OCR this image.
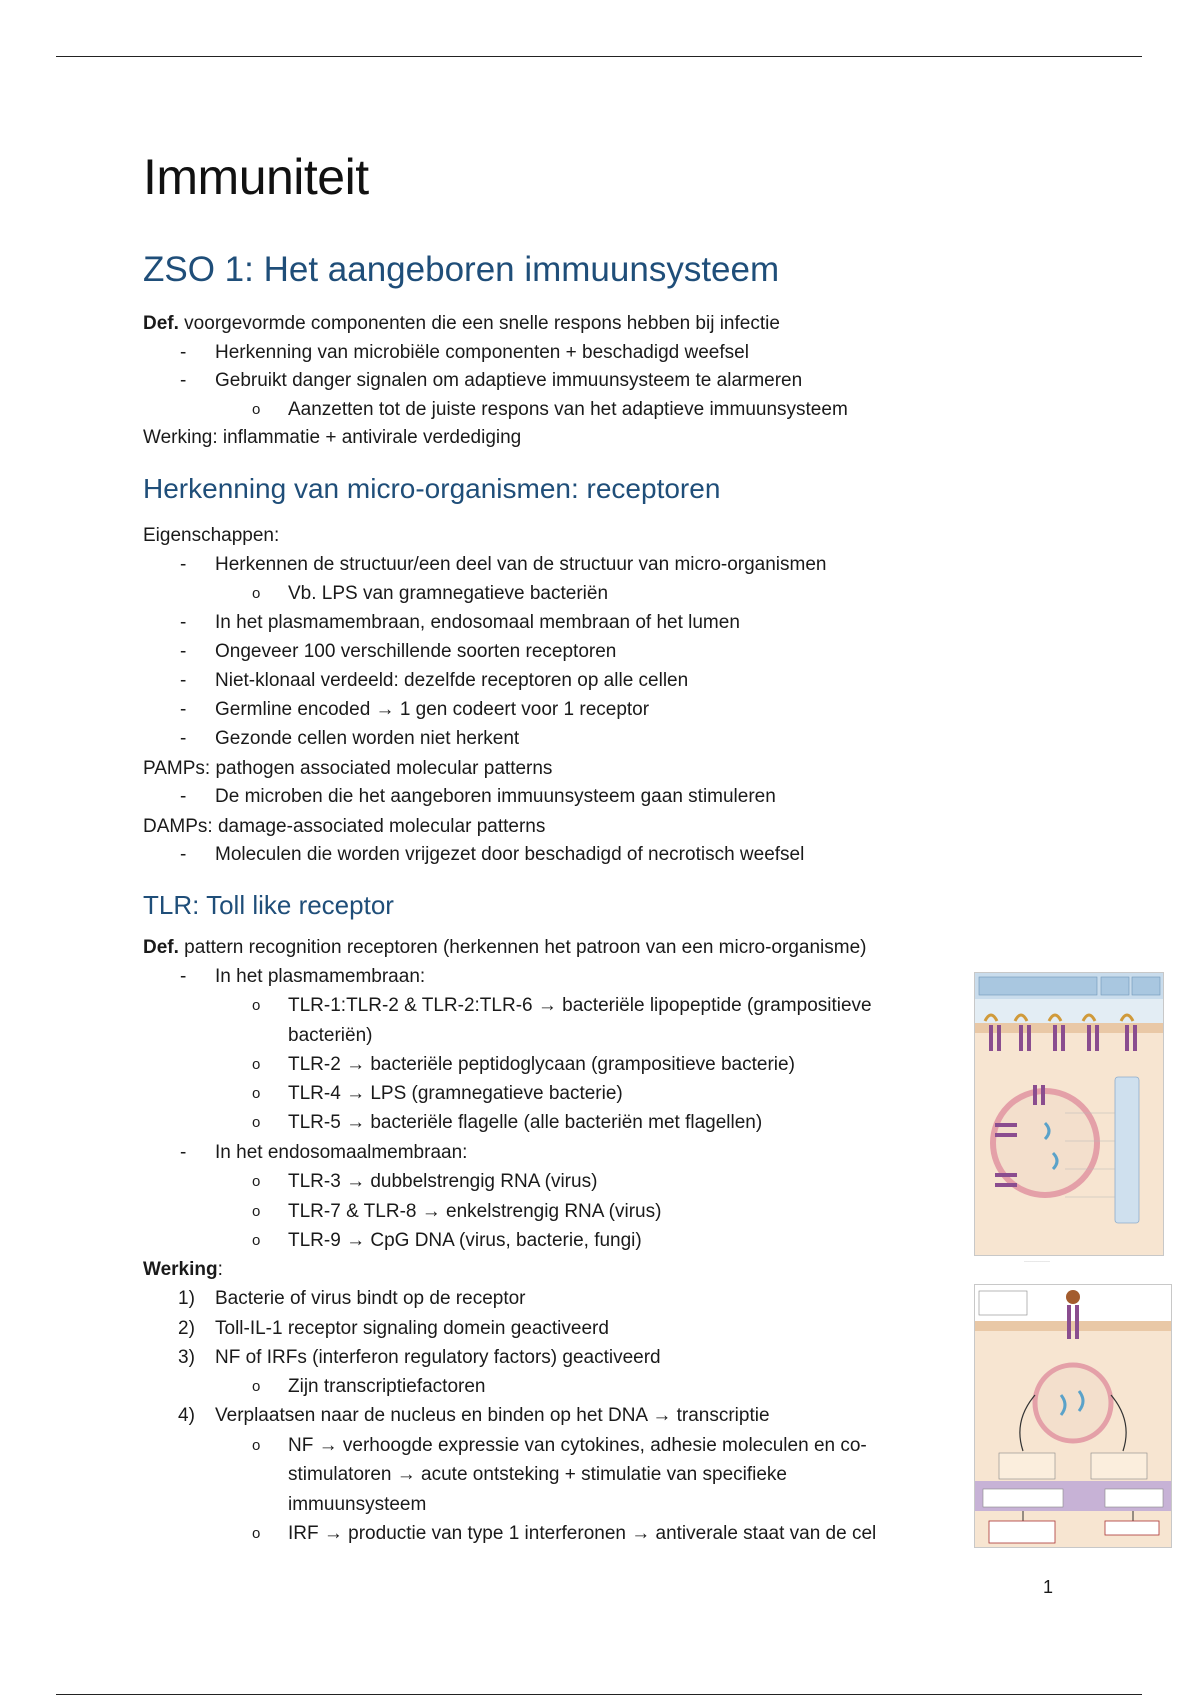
Immuniteit
ZSO 1: Het aangeboren immuunsysteem
Def. voorgevormde componenten die een snelle respons hebben bij infectie
- Herkenning van microbiële componenten + beschadigd weefsel
- Gebruikt danger signalen om adaptieve immuunsysteem te alarmeren
o Aanzetten tot de juiste respons van het adaptieve immuunsysteem
Werking: inflammatie + antivirale verdediging
Herkenning van micro-organismen: receptoren
Eigenschappen:
- Herkennen de structuur/een deel van de structuur van micro-organismen
o Vb. LPS van gramnegatieve bacteriën
- In het plasmamembraan, endosomaal membraan of het lumen
- Ongeveer 100 verschillende soorten receptoren
- Niet-klonaal verdeeld: dezelfde receptoren op alle cellen
- Germline encoded → 1 gen codeert voor 1 receptor
- Gezonde cellen worden niet herkent
PAMPs: pathogen associated molecular patterns
- De microben die het aangeboren immuunsysteem gaan stimuleren
DAMPs: damage-associated molecular patterns
- Moleculen die worden vrijgezet door beschadigd of necrotisch weefsel
TLR: Toll like receptor
Def. pattern recognition receptoren (herkennen het patroon van een micro-organisme)
- In het plasmamembraan:
o TLR-1:TLR-2 & TLR-2:TLR-6 → bacteriële lipopeptide (grampositieve
bacteriën)
o TLR-2 → bacteriële peptidoglycaan (grampositieve bacterie)
o TLR-4 → LPS (gramnegatieve bacterie)
o TLR-5 → bacteriële flagelle (alle bacteriën met flagellen)
- In het endosomaalmembraan:
o TLR-3 → dubbelstrengig RNA (virus)
o TLR-7 & TLR-8 → enkelstrengig RNA (virus)
o TLR-9 → CpG DNA (virus, bacterie, fungi)
Werking:
1) Bacterie of virus bindt op de receptor
2) Toll-IL-1 receptor signaling domein geactiveerd
3) NF of IRFs (interferon regulatory factors) geactiveerd
o Zijn transcriptiefactoren
4) Verplaatsen naar de nucleus en binden op het DNA → transcriptie
o NF → verhoogde expressie van cytokines, adhesie moleculen en co-
stimulatoren → acute ontsteking + stimulatie van specifieke
immuunsysteem
o IRF → productie van type 1 interferonen → antiverale staat van de cel
·············
1
